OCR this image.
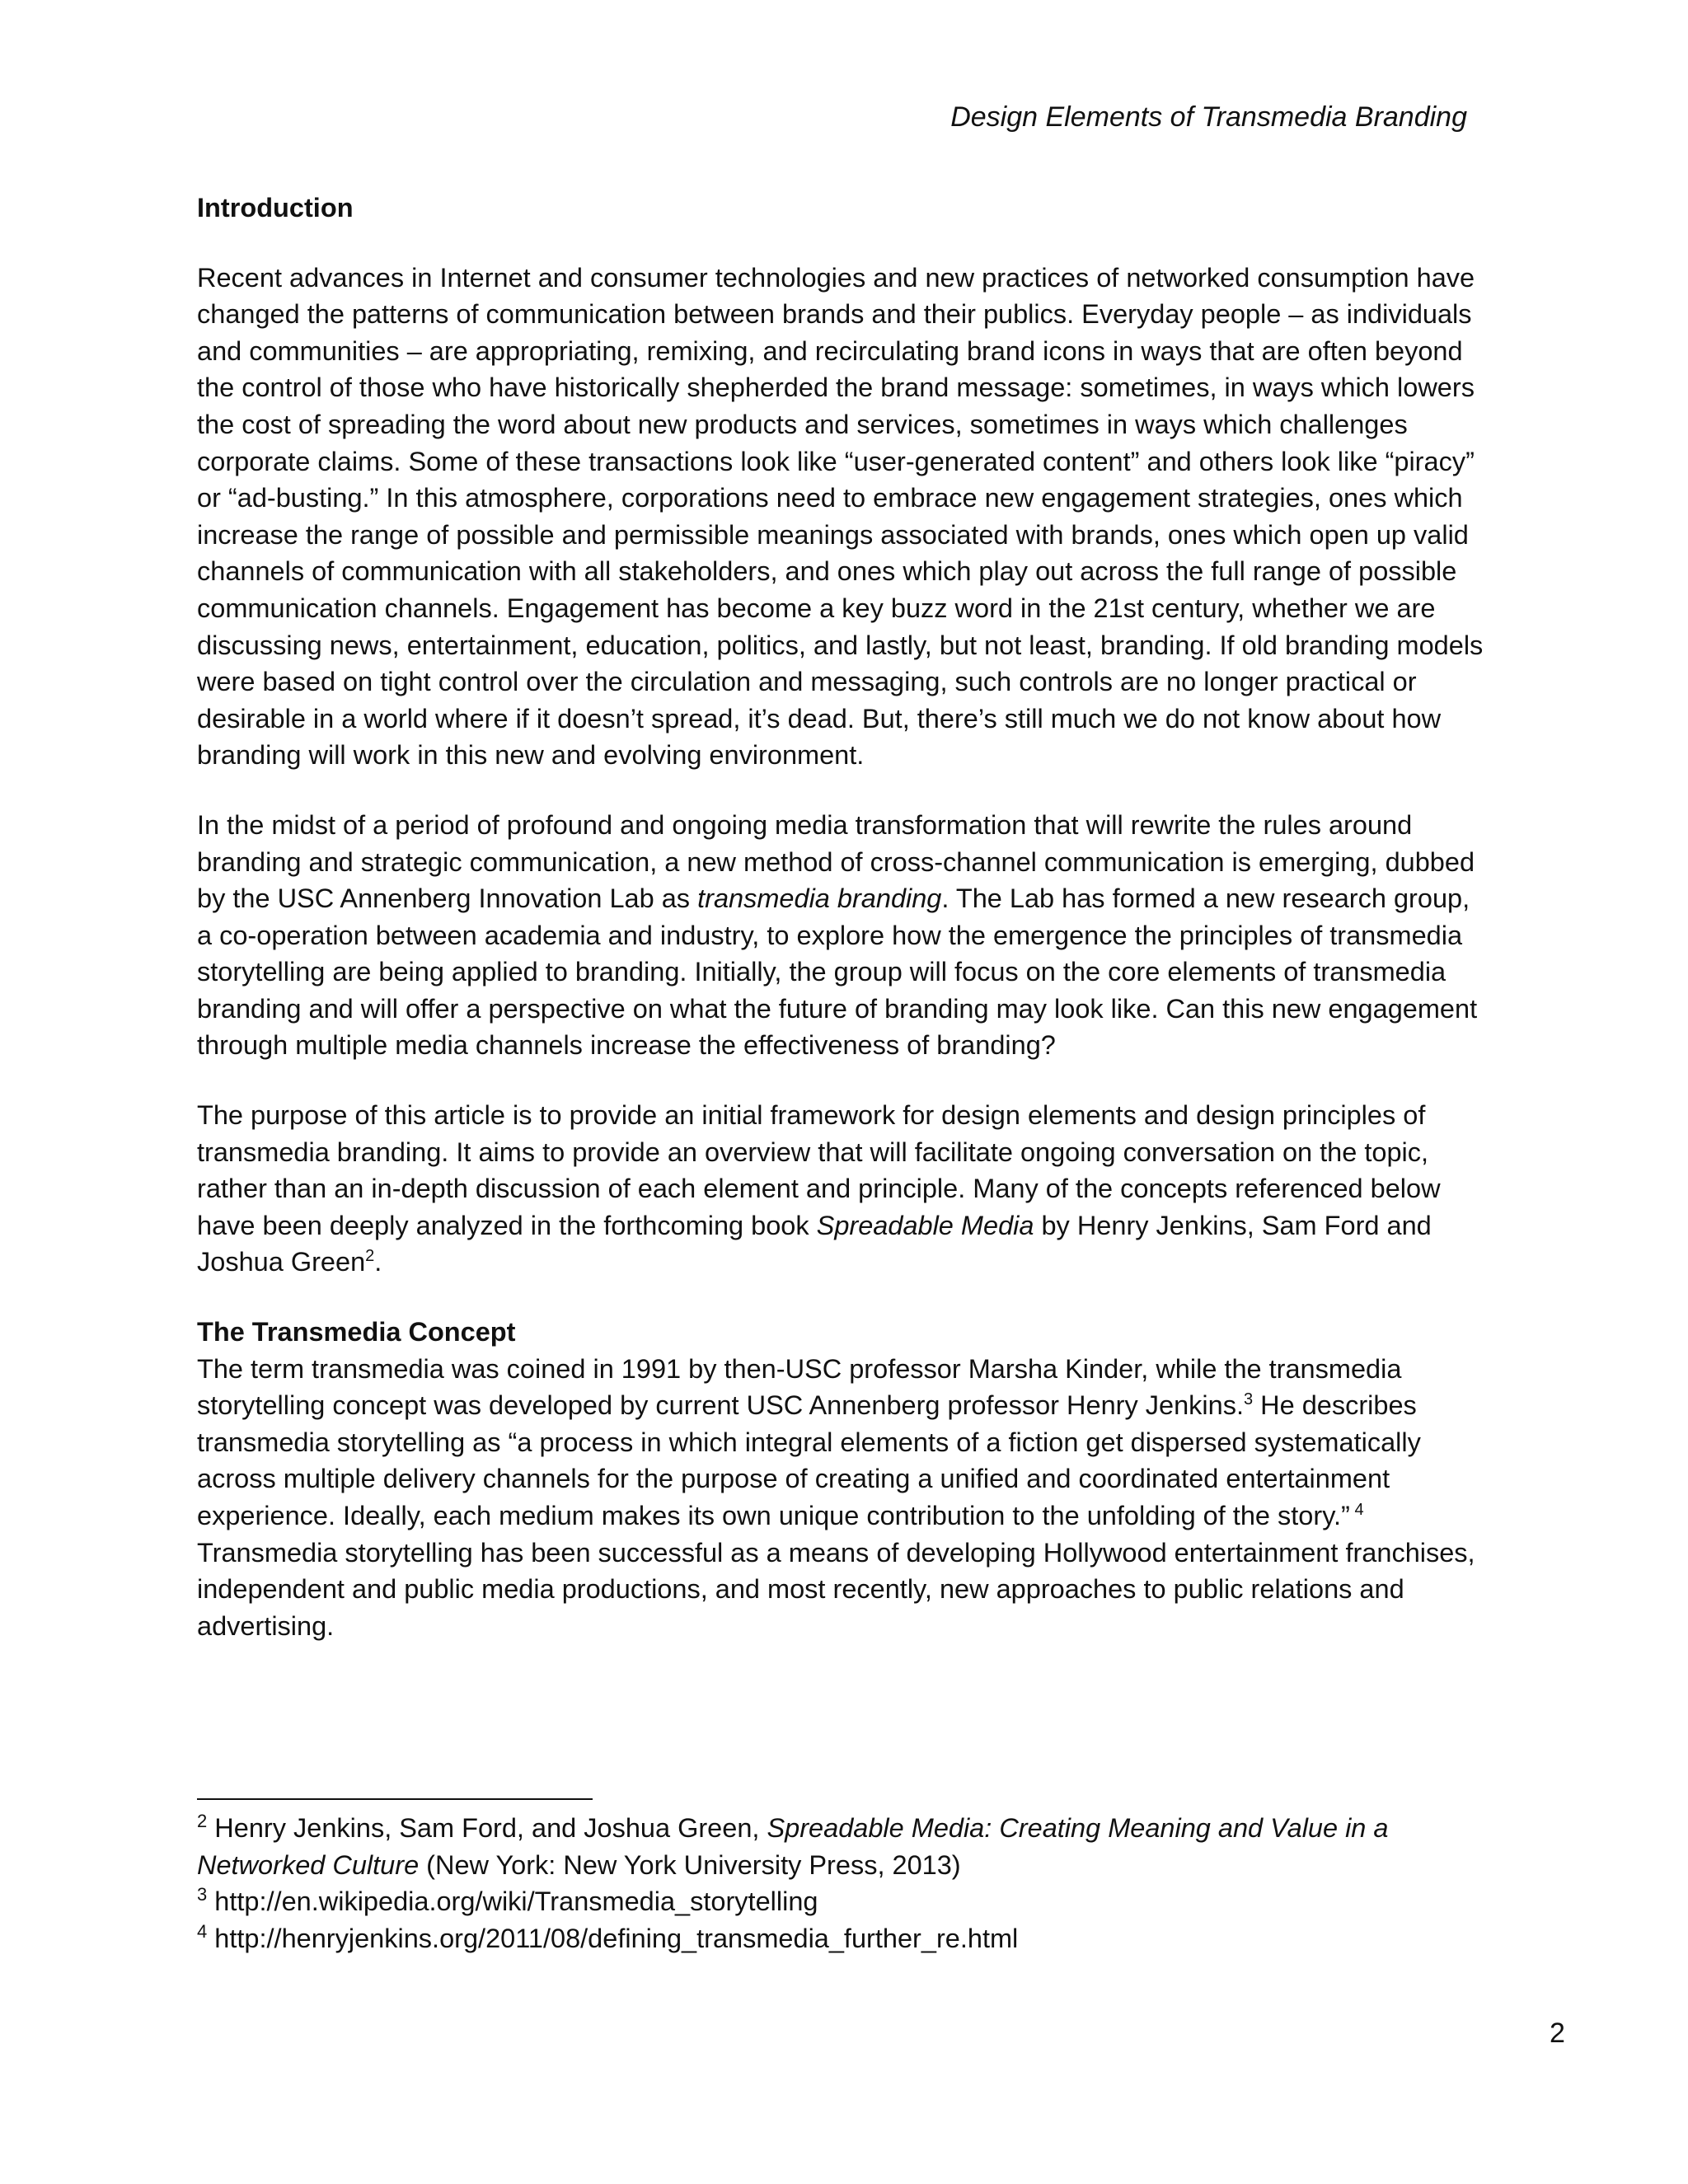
Design Elements of Transmedia Branding
Introduction

Recent advances in Internet and consumer technologies and new practices of networked consumption have changed the patterns of communication between brands and their publics. Everyday people – as individuals and communities – are appropriating, remixing, and recirculating brand icons in ways that are often beyond the control of those who have historically shepherded the brand message: sometimes, in ways which lowers the cost of spreading the word about new products and services, sometimes in ways which challenges corporate claims. Some of these transactions look like “user-generated content” and others look like “piracy” or “ad-busting.” In this atmosphere, corporations need to embrace new engagement strategies, ones which increase the range of possible and permissible meanings associated with brands, ones which open up valid channels of communication with all stakeholders, and ones which play out across the full range of possible communication channels. Engagement has become a key buzz word in the 21st century, whether we are discussing news, entertainment, education, politics, and lastly, but not least, branding. If old branding models were based on tight control over the circulation and messaging, such controls are no longer practical or desirable in a world where if it doesn’t spread, it’s dead. But, there’s still much we do not know about how branding will work in this new and evolving environment.

In the midst of a period of profound and ongoing media transformation that will rewrite the rules around branding and strategic communication, a new method of cross-channel communication is emerging, dubbed by the USC Annenberg Innovation Lab as transmedia branding. The Lab has formed a new research group, a co-operation between academia and industry, to explore how the emergence the principles of transmedia storytelling are being applied to branding. Initially, the group will focus on the core elements of transmedia branding and will offer a perspective on what the future of branding may look like. Can this new engagement through multiple media channels increase the effectiveness of branding?

The purpose of this article is to provide an initial framework for design elements and design principles of transmedia branding. It aims to provide an overview that will facilitate ongoing conversation on the topic, rather than an in-depth discussion of each element and principle. Many of the concepts referenced below have been deeply analyzed in the forthcoming book Spreadable Media by Henry Jenkins, Sam Ford and Joshua Green$^2$.

The Transmedia Concept

The term transmedia was coined in 1991 by then-USC professor Marsha Kinder, while the transmedia storytelling concept was developed by current USC Annenberg professor Henry Jenkins.$^3$ He describes transmedia storytelling as “a process in which integral elements of a fiction get dispersed systematically across multiple delivery channels for the purpose of creating a unified and coordinated entertainment experience. Ideally, each medium makes its own unique contribution to the unfolding of the story.” $^4$ Transmedia storytelling has been successful as a means of developing Hollywood entertainment franchises, independent and public media productions, and most recently, new approaches to public relations and advertising.

$^2$ Henry Jenkins, Sam Ford, and Joshua Green, Spreadable Media: Creating Meaning and Value in a Networked Culture (New York: New York University Press, 2013)
$^3$ http://en.wikipedia.org/wiki/Transmedia_storytelling
$^4$ http://henryjenkins.org/2011/08/defining_transmedia_further_re.html
2
